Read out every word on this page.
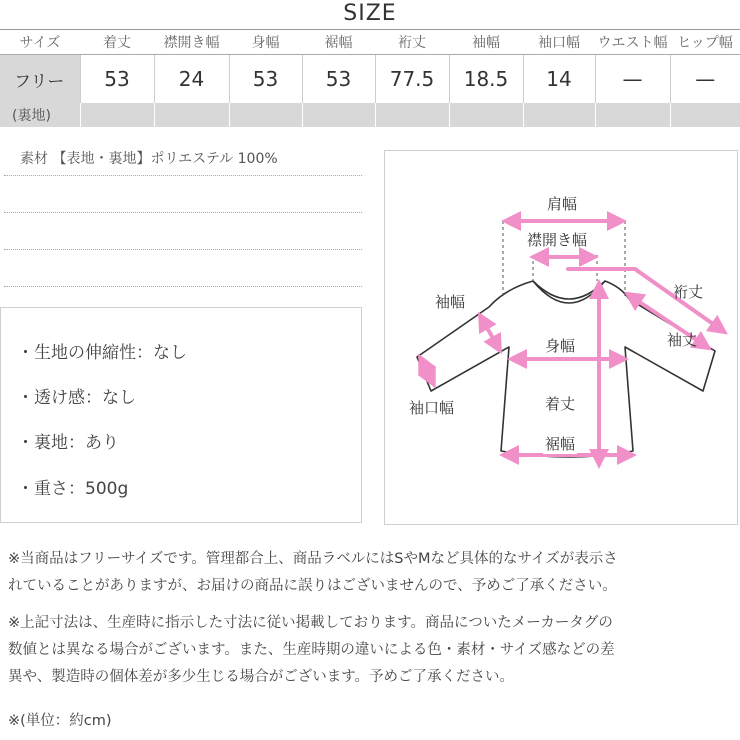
SIZE
サイズ	着丈	襟開き幅	身幅	裾幅	裄丈	袖幅	袖口幅	ウエスト幅	ヒップ幅
フリー	53	24	53	53	77.5	18.5	14	—	—
(裏地)									
素材 【表地・裏地】ポリエステル 100%
・生地の伸縮性：なし
・透け感：なし
・裏地：あり
・重さ：500g
肩幅
襟開き幅
裄丈
袖幅
袖丈
身幅
袖口幅	着丈
裾幅
※当商品はフリーサイズです。管理都合上、商品ラベルにはSやMなど具体的なサイズが表示さ
れていることがありますが、お届けの商品に誤りはございませんので、予めご了承ください。
※上記寸法は、生産時に指示した寸法に従い掲載しております。商品についたメーカータグの
数値とは異なる場合がございます。また、生産時期の違いによる色・素材・サイズ感などの差
異や、製造時の個体差が多少生じる場合がございます。予めご了承ください。
※(単位：約cm)
